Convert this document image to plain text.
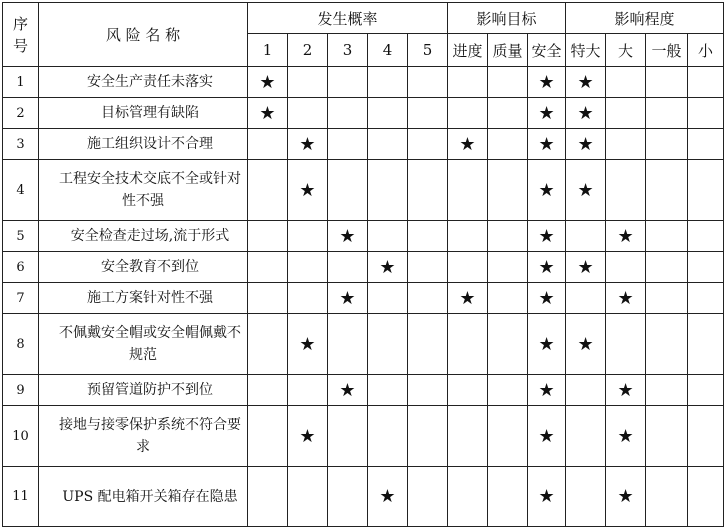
序号	风 险 名 称	发生概率					影响目标			影响程度			
		1	2	3	4	5	进度	质量	安全	特大	大	一般	小
1	安全生产责任未落实	★							★	★			
2	目标管理有缺陷	★							★	★			
3	施工组织设计不合理		★				★		★	★			
4	工程安全技术交底不全或针对性不强		★						★	★			
5	安全检查走过场,流于形式			★					★		★		
6	安全教育不到位				★				★	★			
7	施工方案针对性不强			★			★		★		★		
8	不佩戴安全帽或安全帽佩戴不规范		★						★	★			
9	预留管道防护不到位			★					★		★		
10	接地与接零保护系统不符合要求		★						★		★		
11	UPS 配电箱开关箱存在隐患				★				★		★		
